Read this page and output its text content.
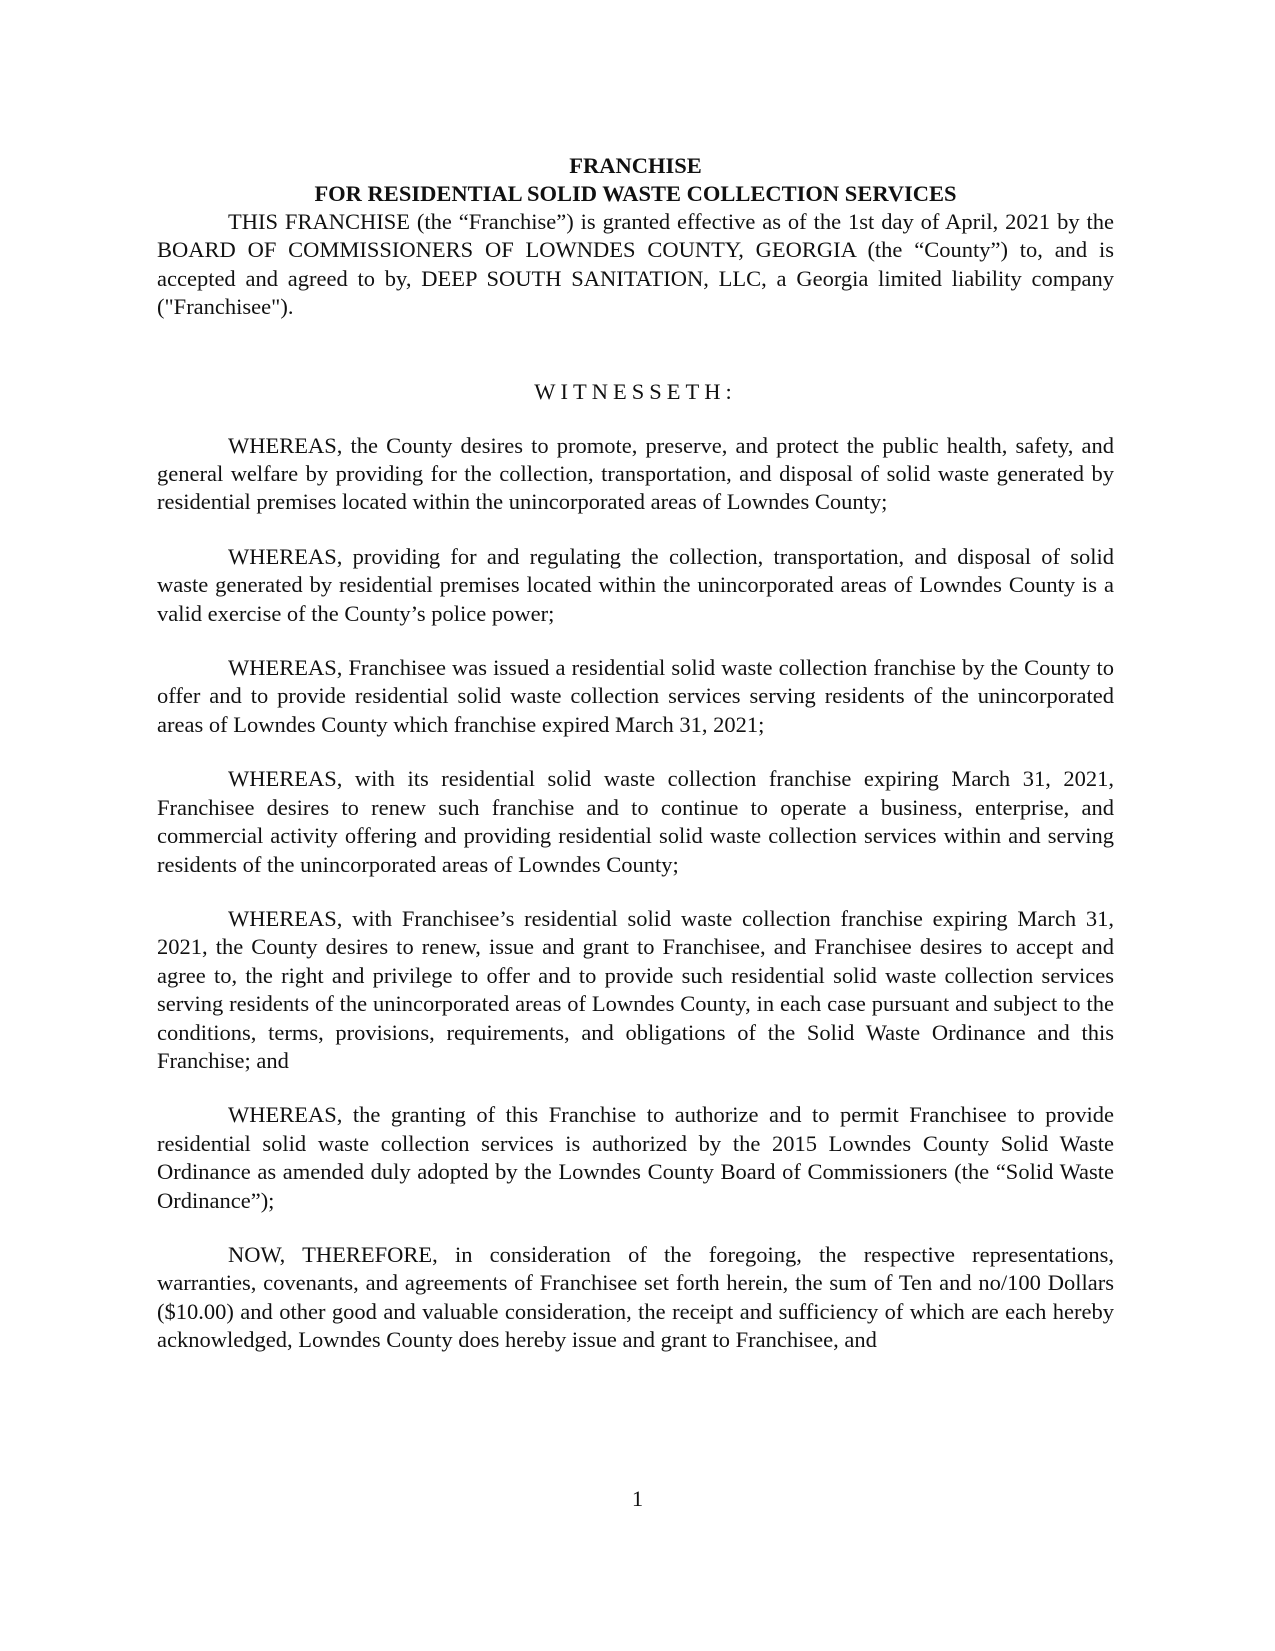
FRANCHISE
FOR RESIDENTIAL SOLID WASTE COLLECTION SERVICES

THIS FRANCHISE (the “Franchise”) is granted effective as of the 1st day of April, 2021 by the BOARD OF COMMISSIONERS OF LOWNDES COUNTY, GEORGIA (the “County”) to, and is accepted and agreed to by, DEEP SOUTH SANITATION, LLC, a Georgia limited liability company ("Franchisee").

WITNESSETH:

WHEREAS, the County desires to promote, preserve, and protect the public health, safety, and general welfare by providing for the collection, transportation, and disposal of solid waste generated by residential premises located within the unincorporated areas of Lowndes County;

WHEREAS, providing for and regulating the collection, transportation, and disposal of solid waste generated by residential premises located within the unincorporated areas of Lowndes County is a valid exercise of the County’s police power;

WHEREAS, Franchisee was issued a residential solid waste collection franchise by the County to offer and to provide residential solid waste collection services serving residents of the unincorporated areas of Lowndes County which franchise expired March 31, 2021;

WHEREAS, with its residential solid waste collection franchise expiring March 31, 2021, Franchisee desires to renew such franchise and to continue to operate a business, enterprise, and commercial activity offering and providing residential solid waste collection services within and serving residents of the unincorporated areas of Lowndes County;

WHEREAS, with Franchisee’s residential solid waste collection franchise expiring March 31, 2021, the County desires to renew, issue and grant to Franchisee, and Franchisee desires to accept and agree to, the right and privilege to offer and to provide such residential solid waste collection services serving residents of the unincorporated areas of Lowndes County, in each case pursuant and subject to the conditions, terms, provisions, requirements, and obligations of the Solid Waste Ordinance and this Franchise; and

WHEREAS, the granting of this Franchise to authorize and to permit Franchisee to provide residential solid waste collection services is authorized by the 2015 Lowndes County Solid Waste Ordinance as amended duly adopted by the Lowndes County Board of Commissioners (the “Solid Waste Ordinance”);

NOW, THEREFORE, in consideration of the foregoing, the respective representations, warranties, covenants, and agreements of Franchisee set forth herein, the sum of Ten and no/100 Dollars ($10.00) and other good and valuable consideration, the receipt and sufficiency of which are each hereby acknowledged, Lowndes County does hereby issue and grant to Franchisee, and

1
